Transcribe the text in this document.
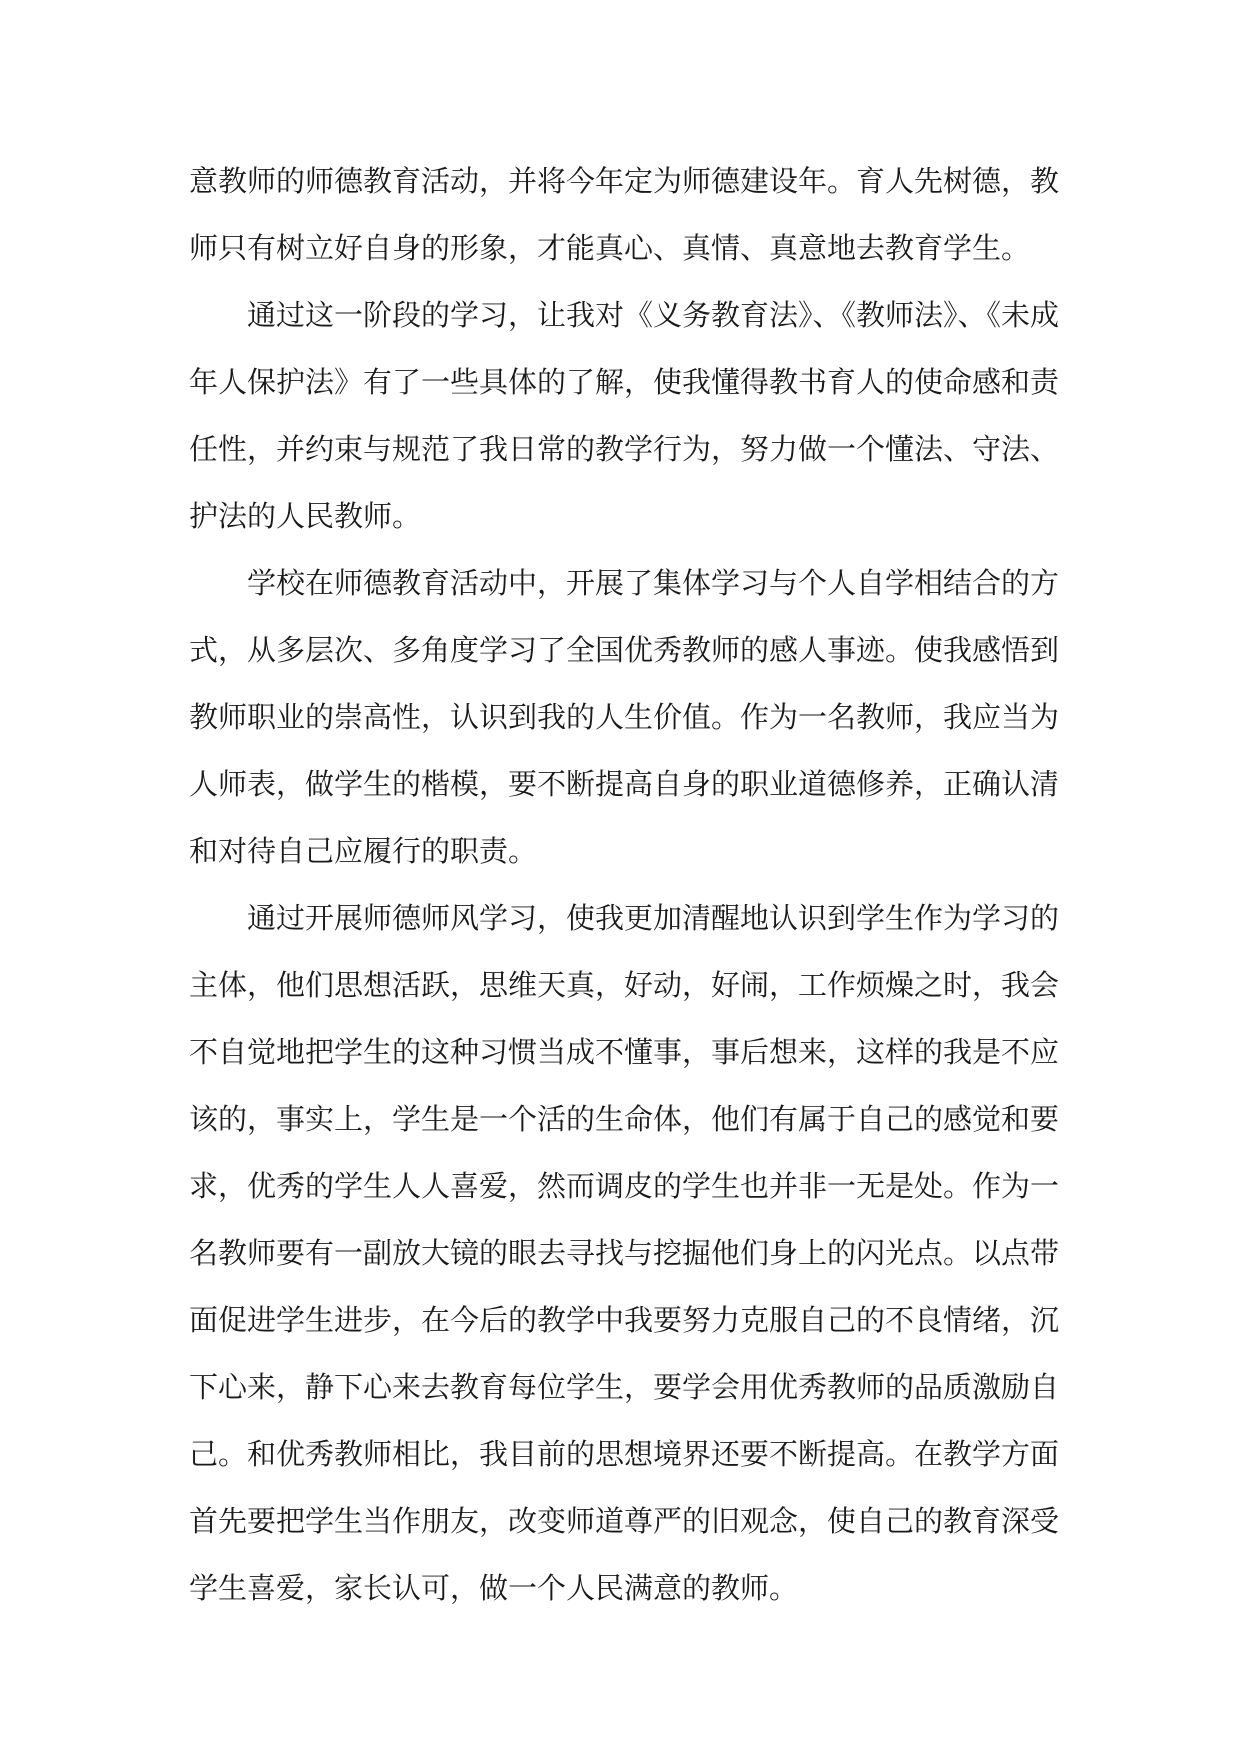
意教师的师德教育活动，并将今年定为师德建设年。育人先树德，教
师只有树立好自身的形象，才能真心、真情、真意地去教育学生。
通过这一阶段的学习，让我对《义务教育法》、《教师法》、《未成
年人保护法》有了一些具体的了解，使我懂得教书育人的使命感和责
任性，并约束与规范了我日常的教学行为，努力做一个懂法、守法、
护法的人民教师。
学校在师德教育活动中，开展了集体学习与个人自学相结合的方
式，从多层次、多角度学习了全国优秀教师的感人事迹。使我感悟到
教师职业的崇高性，认识到我的人生价值。作为一名教师，我应当为
人师表，做学生的楷模，要不断提高自身的职业道德修养，正确认清
和对待自己应履行的职责。
通过开展师德师风学习，使我更加清醒地认识到学生作为学习的
主体，他们思想活跃，思维天真，好动，好闹，工作烦燥之时，我会
不自觉地把学生的这种习惯当成不懂事，事后想来，这样的我是不应
该的，事实上，学生是一个活的生命体，他们有属于自己的感觉和要
求，优秀的学生人人喜爱，然而调皮的学生也并非一无是处。作为一
名教师要有一副放大镜的眼去寻找与挖掘他们身上的闪光点。以点带
面促进学生进步，在今后的教学中我要努力克服自己的不良情绪，沉
下心来，静下心来去教育每位学生，要学会用优秀教师的品质激励自
己。和优秀教师相比，我目前的思想境界还要不断提高。在教学方面
首先要把学生当作朋友，改变师道尊严的旧观念，使自己的教育深受
学生喜爱，家长认可，做一个人民满意的教师。
